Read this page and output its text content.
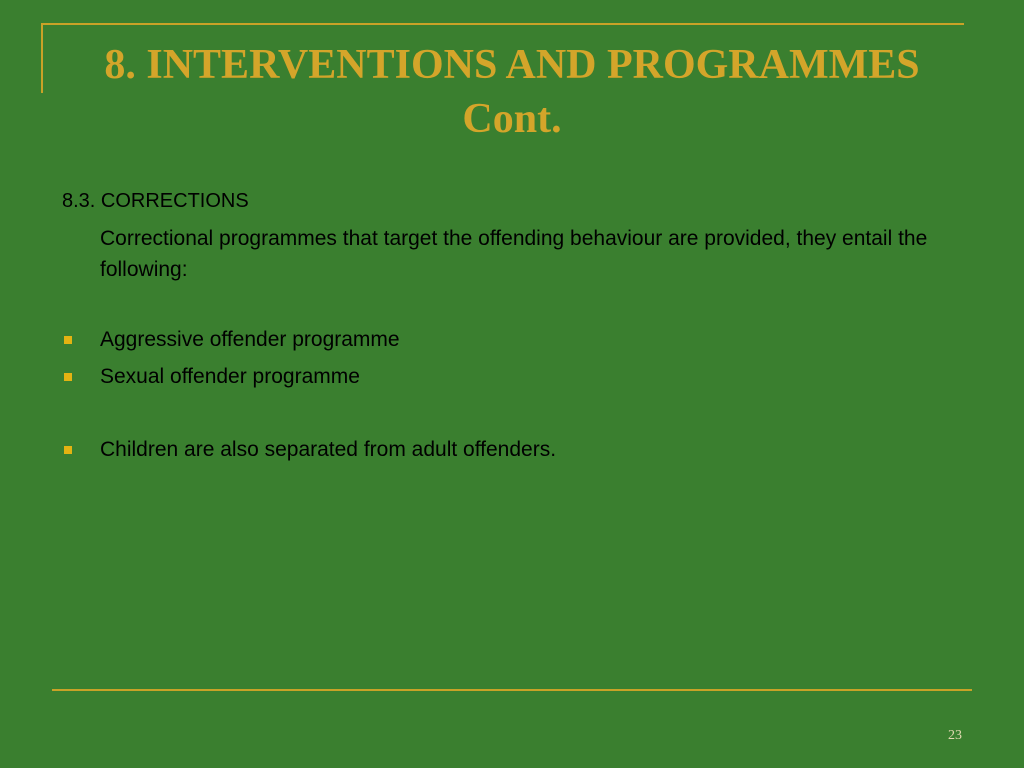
8. INTERVENTIONS AND PROGRAMMES
Cont.

8.3. CORRECTIONS

Correctional programmes that target the offending behaviour are provided, they entail the following:

Aggressive offender programme
Sexual offender programme
Children are also separated from adult offenders.
23
